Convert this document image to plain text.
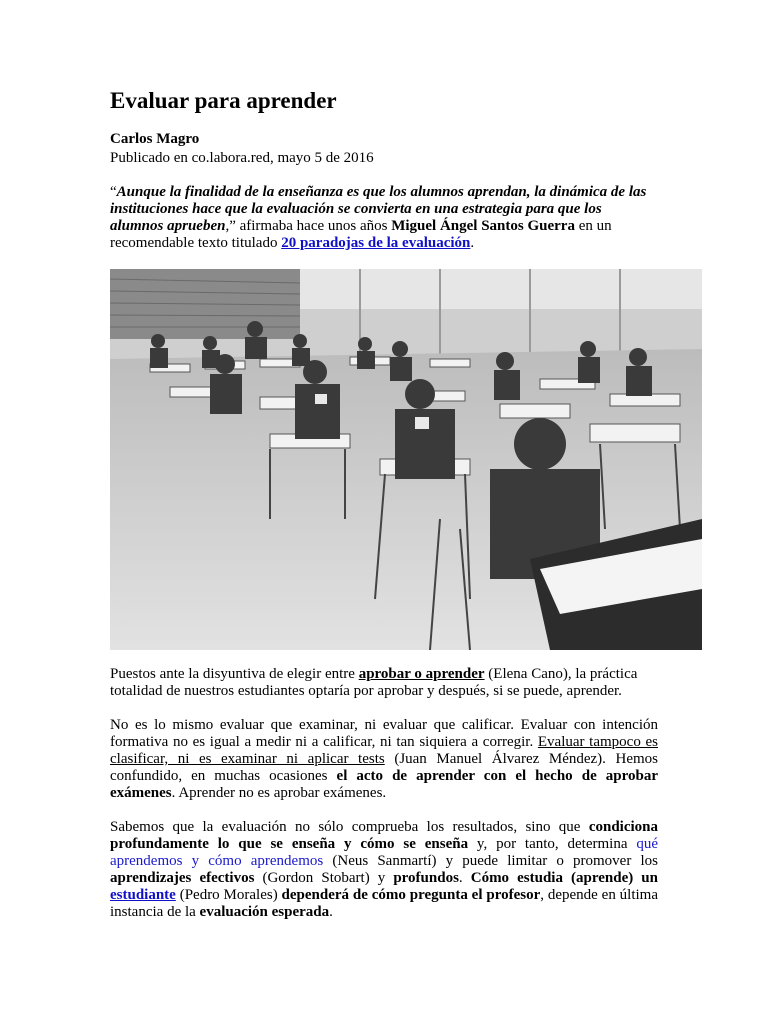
Evaluar para aprender
Carlos Magro
Publicado en co.labora.red, mayo 5 de 2016

“Aunque la finalidad de la enseñanza es que los alumnos aprendan, la dinámica de las instituciones hace que la evaluación se convierta en una estrategia para que los alumnos aprueben,” afirmaba hace unos años Miguel Ángel Santos Guerra en un recomendable texto titulado 20 paradojas de la evaluación.

Puestos ante la disyuntiva de elegir entre aprobar o aprender (Elena Cano), la práctica totalidad de nuestros estudiantes optaría por aprobar y después, si se puede, aprender.

No es lo mismo evaluar que examinar, ni evaluar que calificar. Evaluar con intención formativa no es igual a medir ni a calificar, ni tan siquiera a corregir. Evaluar tampoco es clasificar, ni es examinar ni aplicar tests (Juan Manuel Álvarez Méndez). Hemos confundido, en muchas ocasiones el acto de aprender con el hecho de aprobar exámenes. Aprender no es aprobar exámenes.

Sabemos que la evaluación no sólo comprueba los resultados, sino que condiciona profundamente lo que se enseña y cómo se enseña y, por tanto, determina qué aprendemos y cómo aprendemos (Neus Sanmartí) y puede limitar o promover los aprendizajes efectivos (Gordon Stobart) y profundos. Cómo estudia (aprende) un estudiante (Pedro Morales) dependerá de cómo pregunta el profesor, depende en última instancia de la evaluación esperada.
